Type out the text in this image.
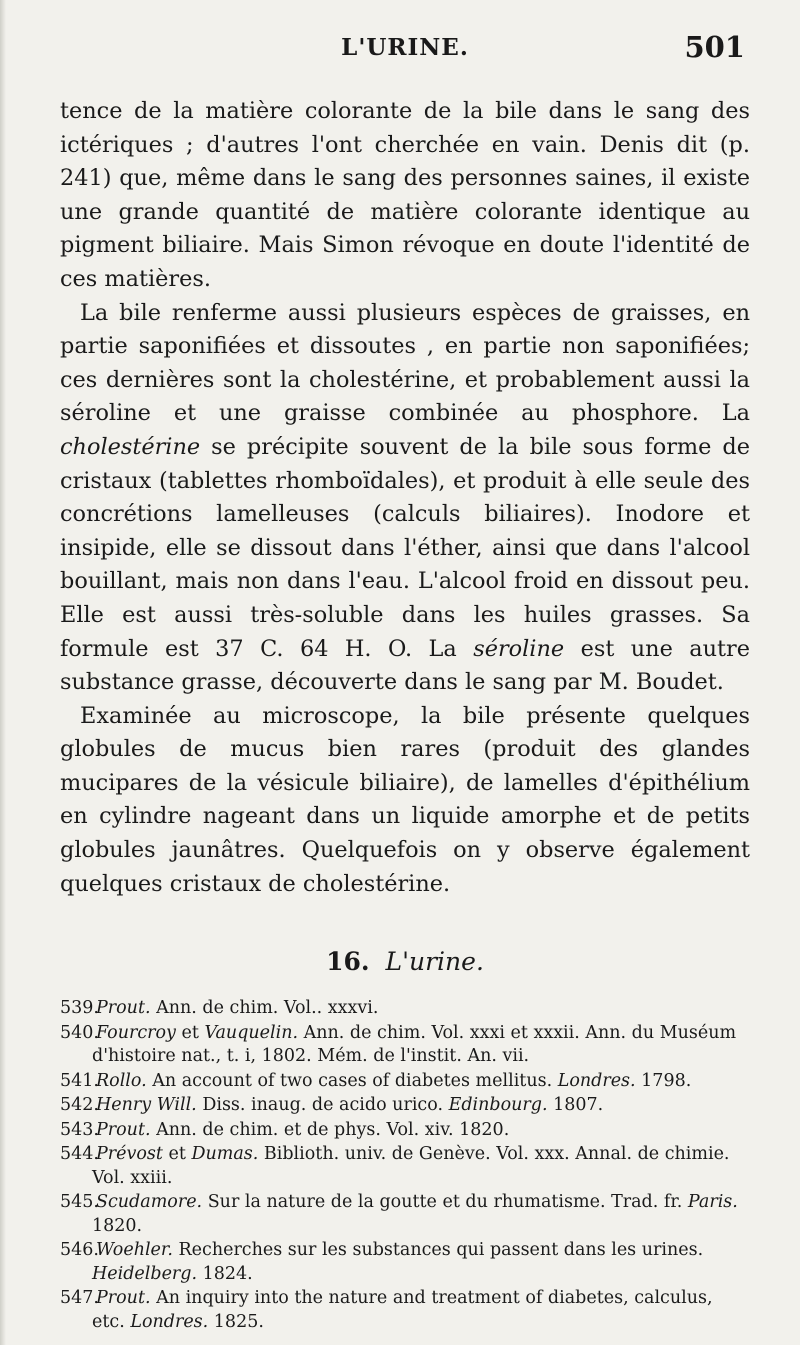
L'URINE.	501

tence de la matière colorante de la bile dans le sang des ictériques ; d'autres l'ont cherchée en vain. Denis dit (p. 241) que, même dans le sang des personnes saines, il existe une grande quantité de matière colorante identique au pigment biliaire. Mais Simon révoque en doute l'identité de ces matières.

La bile renferme aussi plusieurs espèces de graisses, en partie saponifiées et dissoutes , en partie non saponifiées; ces dernières sont la cholestérine, et probablement aussi la séroline et une graisse combinée au phosphore. La cholestérine se précipite souvent de la bile sous forme de cristaux (tablettes rhomboïdales), et produit à elle seule des concrétions lamelleuses (calculs biliaires). Inodore et insipide, elle se dissout dans l'éther, ainsi que dans l'alcool bouillant, mais non dans l'eau. L'alcool froid en dissout peu. Elle est aussi très-soluble dans les huiles grasses. Sa formule est 37 C. 64 H. O. La séroline est une autre substance grasse, découverte dans le sang par M. Boudet.

Examinée au microscope, la bile présente quelques globules de mucus bien rares (produit des glandes mucipares de la vésicule biliaire), de lamelles d'épithélium en cylindre nageant dans un liquide amorphe et de petits globules jaunâtres. Quelquefois on y observe également quelques cristaux de cholestérine.

16. L'urine.

539.Prout. Ann. de chim. Vol.. xxxvi.

540.Fourcroy et Vauquelin. Ann. de chim. Vol. xxxi et xxxii. Ann. du Muséum d'histoire nat., t. i, 1802. Mém. de l'instit. An. vii.

541.Rollo. An account of two cases of diabetes mellitus. Londres. 1798.

542.Henry Will. Diss. inaug. de acido urico. Edinbourg. 1807.

543.Prout. Ann. de chim. et de phys. Vol. xiv. 1820.

544.Prévost et Dumas. Biblioth. univ. de Genève. Vol. xxx. Annal. de chimie. Vol. xxiii.

545.Scudamore. Sur la nature de la goutte et du rhumatisme. Trad. fr. Paris. 1820.

546.Woehler. Recherches sur les substances qui passent dans les urines. Heidelberg. 1824.

547.Prout. An inquiry into the nature and treatment of diabetes, calculus, etc. Londres. 1825.
